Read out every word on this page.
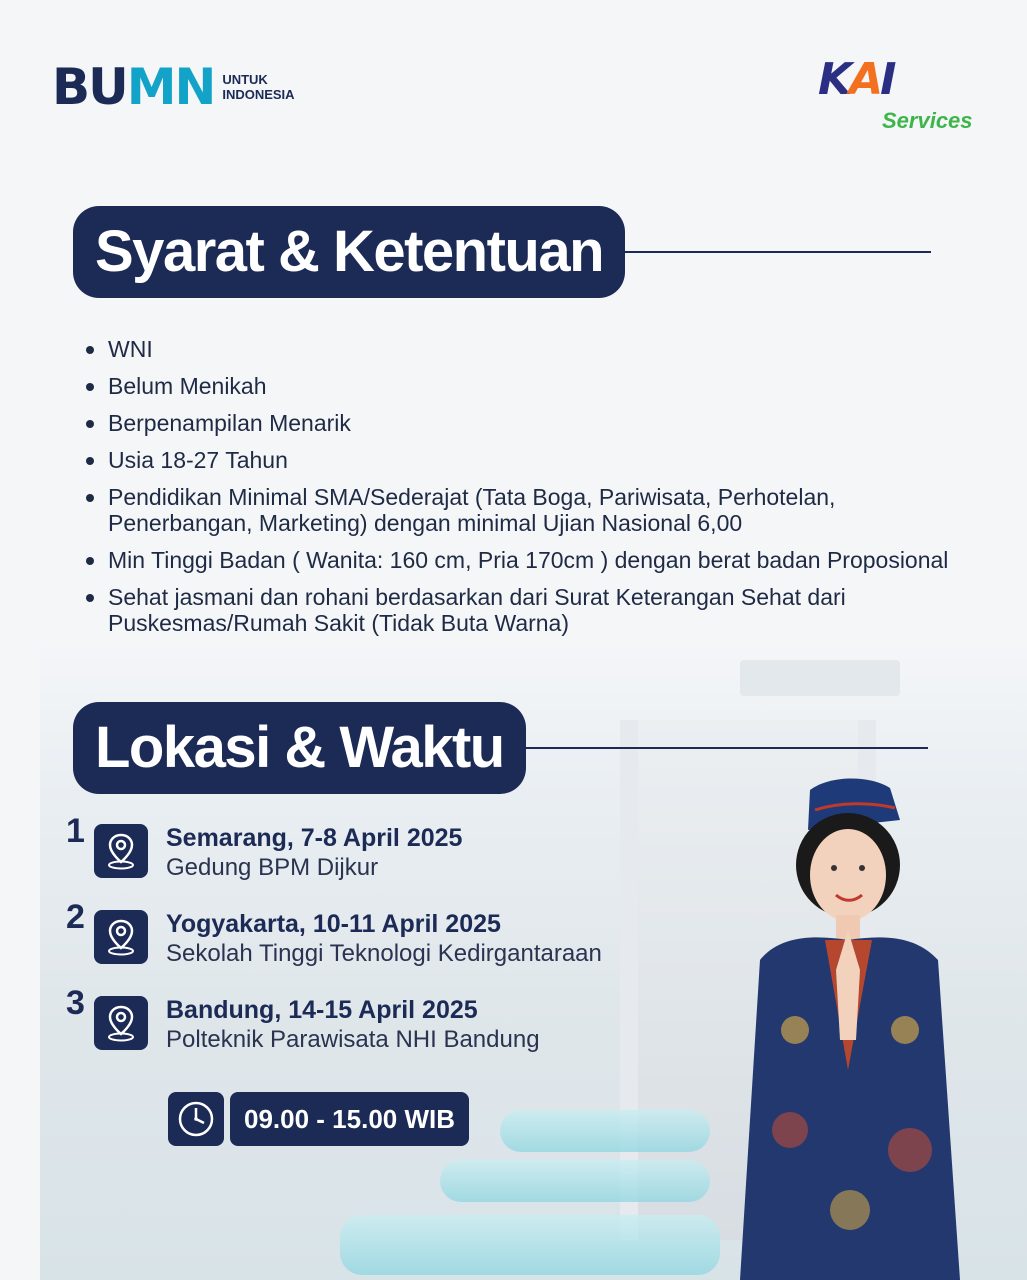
BUMN UNTUK
INDONESIA	KAI
Services
Syarat & Ketentuan
WNI
Belum Menikah
Berpenampilan Menarik
Usia 18-27 Tahun
Pendidikan Minimal SMA/Sederajat (Tata Boga, Pariwisata, Perhotelan, Penerbangan, Marketing) dengan minimal Ujian Nasional 6,00
Min Tinggi Badan ( Wanita: 160 cm, Pria 170cm ) dengan berat badan Proposional
Sehat jasmani dan rohani berdasarkan dari Surat Keterangan Sehat dari Puskesmas/Rumah Sakit (Tidak Buta Warna)
Lokasi & Waktu
1	Semarang, 7-8 April 2025
Gedung BPM Dijkur
2	Yogyakarta, 10-11 April 2025
Sekolah Tinggi Teknologi Kedirgantaraan
3	Bandung, 14-15 April 2025
Polteknik Parawisata NHI Bandung
09.00 - 15.00 WIB
